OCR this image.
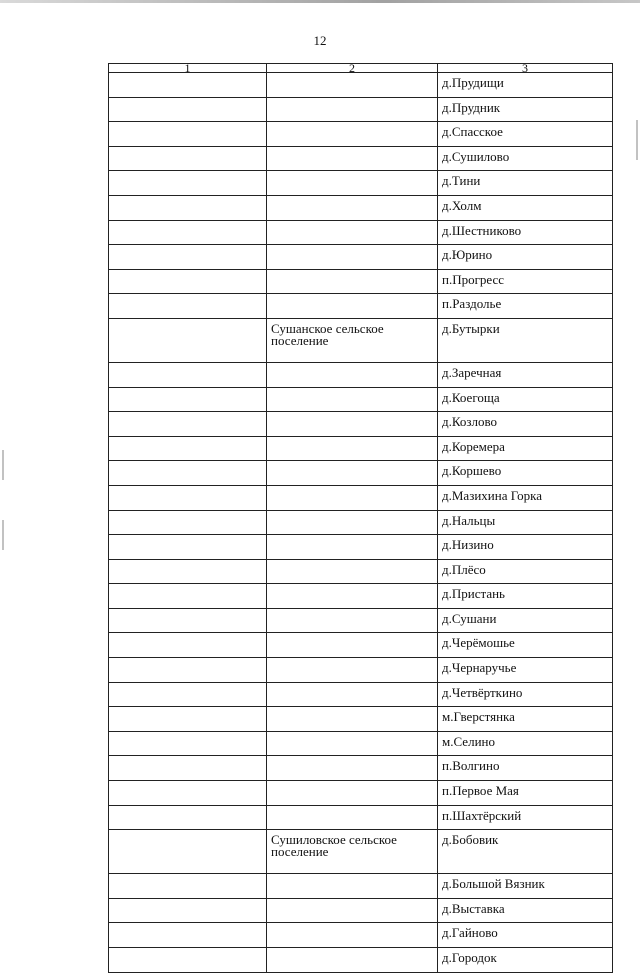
12
1	2	3
		д.Прудищи
		д.Прудник
		д.Спасское
		д.Сушилово
		д.Тини
		д.Холм
		д.Шестниково
		д.Юрино
		п.Прогресс
		п.Раздолье
	Сушанское сельское поселение	д.Бутырки
		д.Заречная
		д.Коегоща
		д.Козлово
		д.Коремера
		д.Коршево
		д.Мазихина Горка
		д.Нальцы
		д.Низино
		д.Плёсо
		д.Пристань
		д.Сушани
		д.Черёмошье
		д.Чернаручье
		д.Четвёрткино
		м.Гверстянка
		м.Селино
		п.Волгино
		п.Первое Мая
		п.Шахтёрский
	Сушиловское сельское поселение	д.Бобовик
		д.Большой Вязник
		д.Выставка
		д.Гайново
		д.Городок
